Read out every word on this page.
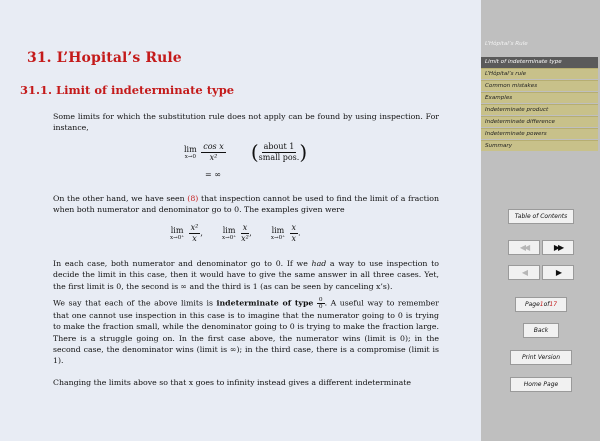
31. L’Hopital’s Rule
31.1. Limit of indeterminate type
Some limits for which the substitution rule does not apply can be found by using inspection. For instance,
lim
x→0
$\frac{\text{cos x}}{\text{x²}}$ ( $\frac{\text{about 1}}{\text{small pos.}}$ )
= ∞
On the other hand, we have seen (8) that inspection cannot be used to find the limit of a fraction when both numerator and denominator go to 0. The examples given were
lim
x→0⁺
$\frac{\text{x²}}{x}$ , lim
x→0⁺
$\frac{x}{\text{x²}}$ , lim
x→0⁺
$\frac{x}{x}$ .
In each case, both numerator and denominator go to 0. If we had a way to use inspection to decide the limit in this case, then it would have to give the same answer in all three cases. Yet, the first limit is 0, the second is ∞ and the third is 1 (as can be seen by canceling x’s).
We say that each of the above limits is indeterminate of type $\frac{0}{0}$ . A useful way to remember that one cannot use inspection in this case is to imagine that the numerator going to 0 is trying to make the fraction small, while the denominator going to 0 is trying to make the fraction large. There is a struggle going on. In the first case above, the numerator wins (limit is 0); in the second case, the denominator wins (limit is ∞); in the third case, there is a compromise (limit is 1).
Changing the limits above so that x goes to infinity instead gives a different indeterminate
L’Hôpital’s Rule
Limit of indeterminate type
L’Hôpital’s rule
Common mistakes
Examples
Indeterminate product
Indeterminate difference
Indeterminate powers
Summary
Table of Contents
◀◀	▶▶
◀	▶
Page 1 of 17
Back
Print Version
Home Page
